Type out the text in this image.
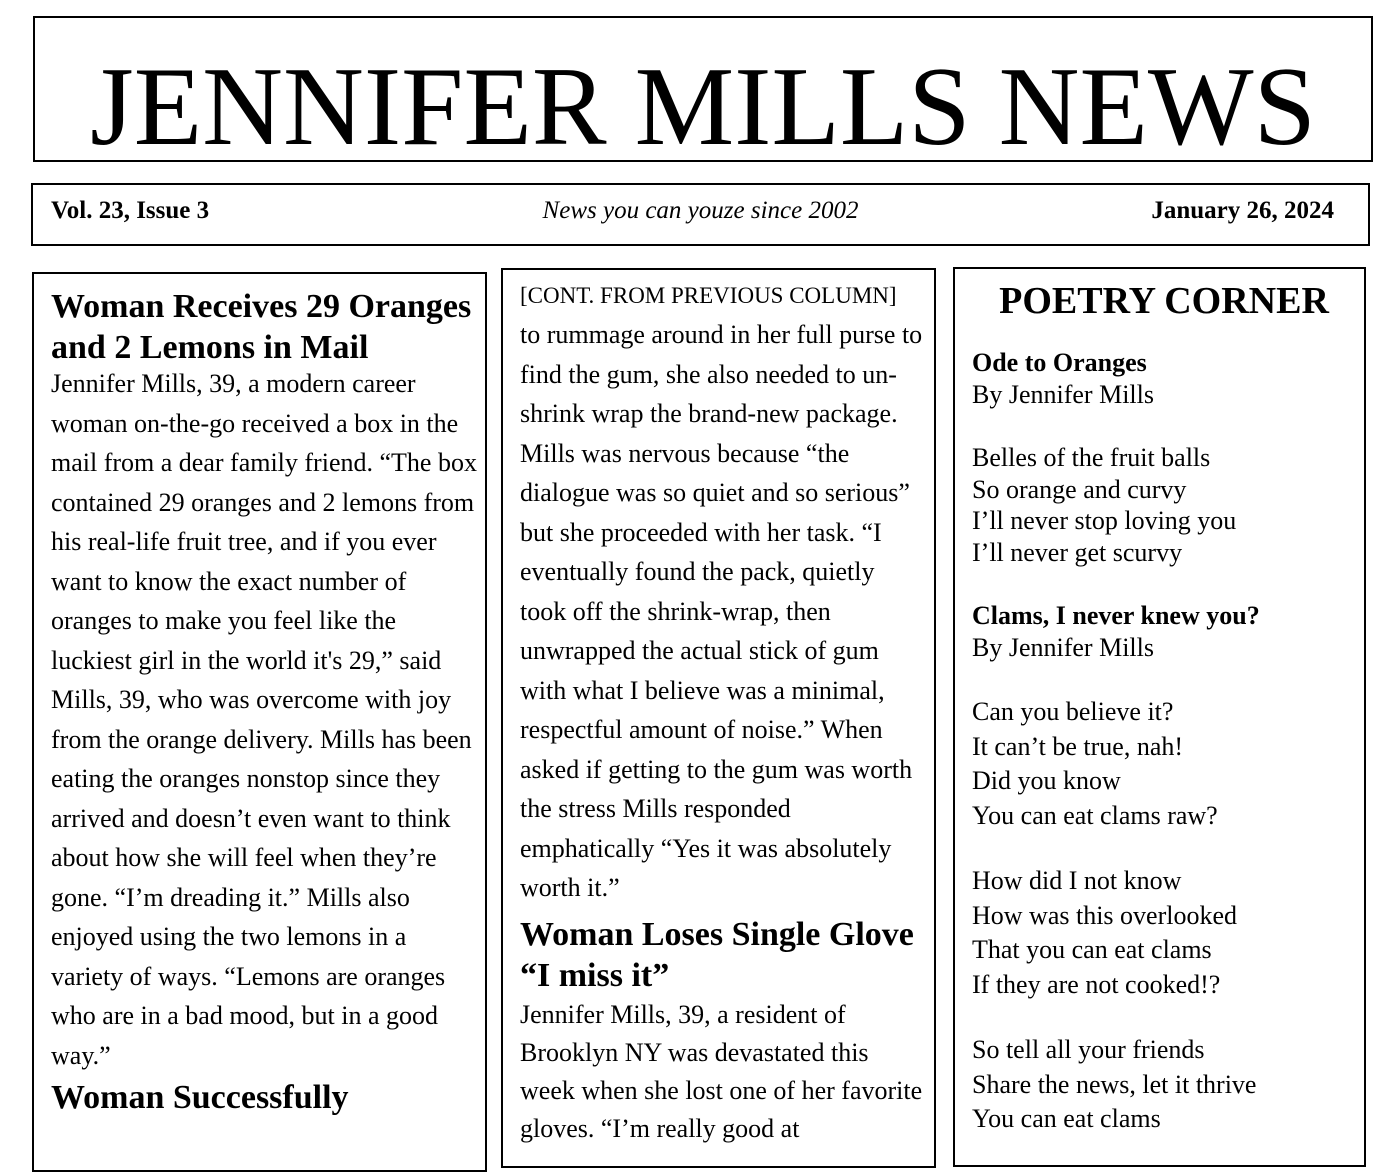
JENNIFER MILLS NEWS
Vol. 23, Issue 3	News you can youze since 2002	January 26, 2024
Woman Receives 29 Oranges and 2 Lemons in Mail

Jennifer Mills, 39, a modern career woman on-the-go received a box in the mail from a dear family friend. “The box contained 29 oranges and 2 lemons from his real-life fruit tree, and if you ever want to know the exact number of oranges to make you feel like the luckiest girl in the world it's 29,” said Mills, 39, who was overcome with joy from the orange delivery. Mills has been eating the oranges nonstop since they arrived and doesn’t even want to think about how she will feel when they’re gone. “I’m dreading it.” Mills also enjoyed using the two lemons in a variety of ways. “Lemons are oranges who are in a bad mood, but in a good way.”

Woman Successfully

[CONT. FROM PREVIOUS COLUMN]

to rummage around in her full purse to find the gum, she also needed to un-shrink wrap the brand-new package. Mills was nervous because “the dialogue was so quiet and so serious” but she proceeded with her task. “I eventually found the pack, quietly took off the shrink-wrap, then unwrapped the actual stick of gum with what I believe was a minimal, respectful amount of noise.” When asked if getting to the gum was worth the stress Mills responded emphatically “Yes it was absolutely worth it.”

Woman Loses Single Glove “I miss it”

Jennifer Mills, 39, a resident of Brooklyn NY was devastated this week when she lost one of her favorite gloves. “I’m really good at

POETRY CORNER

Ode to Oranges

By Jennifer Mills

Belles of the fruit balls
So orange and curvy
I’ll never stop loving you
I’ll never get scurvy

Clams, I never knew you?

By Jennifer Mills

Can you believe it?
It can’t be true, nah!
Did you know
You can eat clams raw?

How did I not know
How was this overlooked
That you can eat clams
If they are not cooked!?

So tell all your friends
Share the news, let it thrive
You can eat clams
